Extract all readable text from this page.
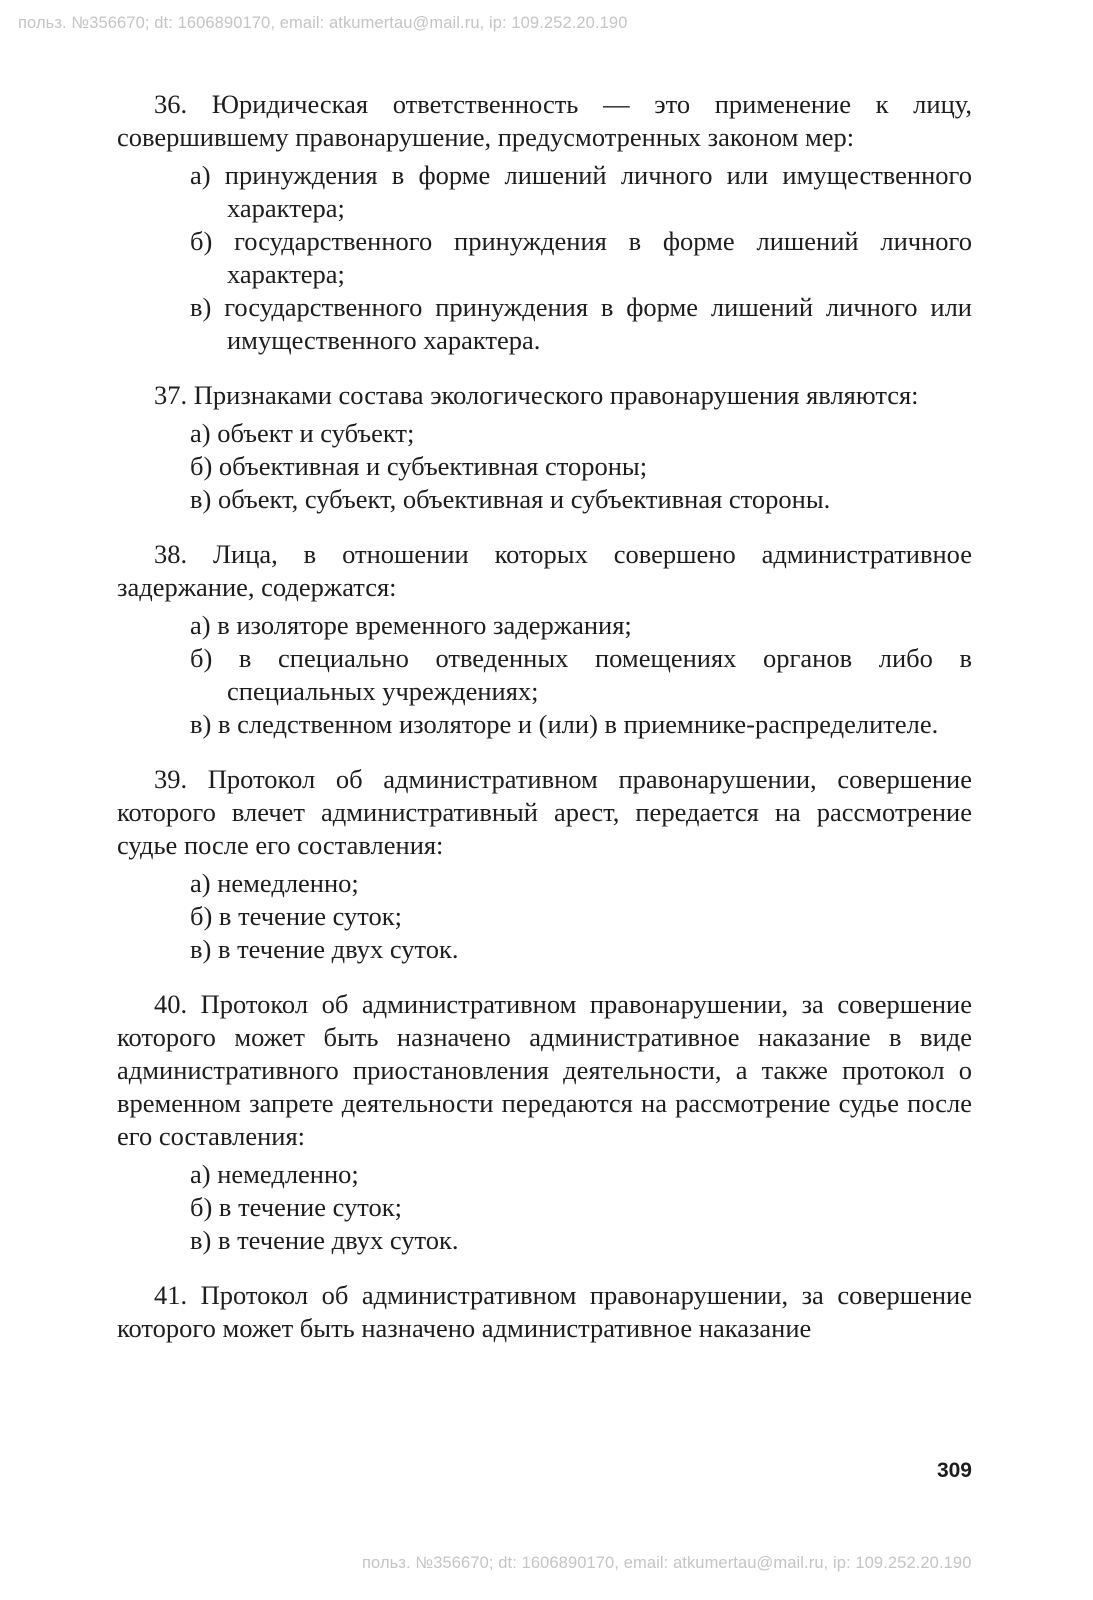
польз. №356670; dt: 1606890170, email: atkumertau@mail.ru, ip: 109.252.20.190

36. Юридическая ответственность — это применение к лицу, совершившему правонарушение, предусмотренных законом мер:

а) принуждения в форме лишений личного или имущественного характера;
б) государственного принуждения в форме лишений личного характера;
в) государственного принуждения в форме лишений личного или имущественного характера.

37. Признаками состава экологического правонарушения являются:

а) объект и субъект;
б) объективная и субъективная стороны;
в) объект, субъект, объективная и субъективная стороны.

38. Лица, в отношении которых совершено административное задержание, содержатся:

а) в изоляторе временного задержания;
б) в специально отведенных помещениях органов либо в специальных учреждениях;
в) в следственном изоляторе и (или) в приемнике-распределителе.

39. Протокол об административном правонарушении, совершение которого влечет административный арест, передается на рассмотрение судье после его составления:

а) немедленно;
б) в течение суток;
в) в течение двух суток.

40. Протокол об административном правонарушении, за совершение которого может быть назначено административное наказание в виде административного приостановления деятельности, а также протокол о временном запрете деятельности передаются на рассмотрение судье после его составления:

а) немедленно;
б) в течение суток;
в) в течение двух суток.

41. Протокол об административном правонарушении, за совершение которого может быть назначено административное наказание

309
польз. №356670; dt: 1606890170, email: atkumertau@mail.ru, ip: 109.252.20.190
